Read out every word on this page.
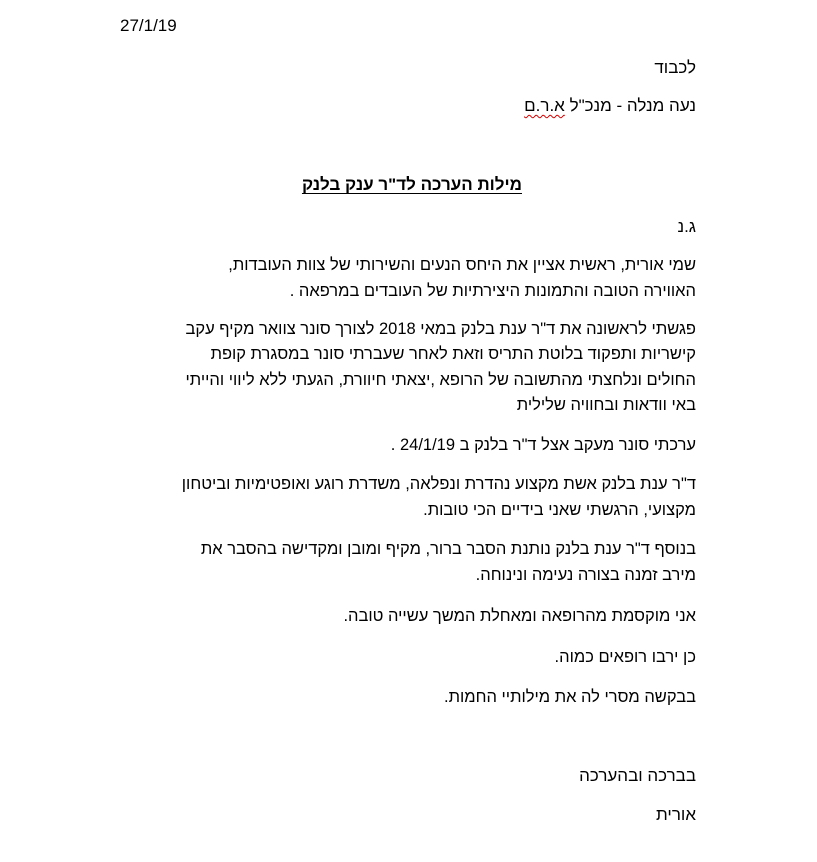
27/1/19
לכבוד
נעה מנלה - מנכ"ל א.ר.ם
מילות הערכה לד"ר ענק בלנק
ג.נ
שמי אורית, ראשית אציין את היחס הנעים והשירותי של צוות העובדות,
האווירה הטובה והתמונות היצירתיות של העובדים במרפאה .
פגשתי לראשונה את ד"ר ענת בלנק במאי 2018 לצורך סונר צוואר מקיף עקב
קישריות ותפקוד בלוטת התריס וזאת לאחר שעברתי סונר במסגרת קופת
החולים ונלחצתי מהתשובה של הרופא ,יצאתי חיוורת, הגעתי ללא ליווי והייתי
באי וודאות ובחוויה שלילית
ערכתי סונר מעקב אצל ד"ר בלנק ב 24/1/19 .
ד"ר ענת בלנק אשת מקצוע נהדרת ונפלאה, משדרת רוגע ואופטימיות וביטחון
מקצועי, הרגשתי שאני בידיים הכי טובות.
בנוסף ד"ר ענת בלנק נותנת הסבר ברור, מקיף ומובן ומקדישה בהסבר את
מירב זמנה בצורה נעימה ונינוחה.
אני מוקסמת מהרופאה ומאחלת המשך עשייה טובה.
כן ירבו רופאים כמוה.
בבקשה מסרי לה את מילותיי החמות.
בברכה ובהערכה
אורית
